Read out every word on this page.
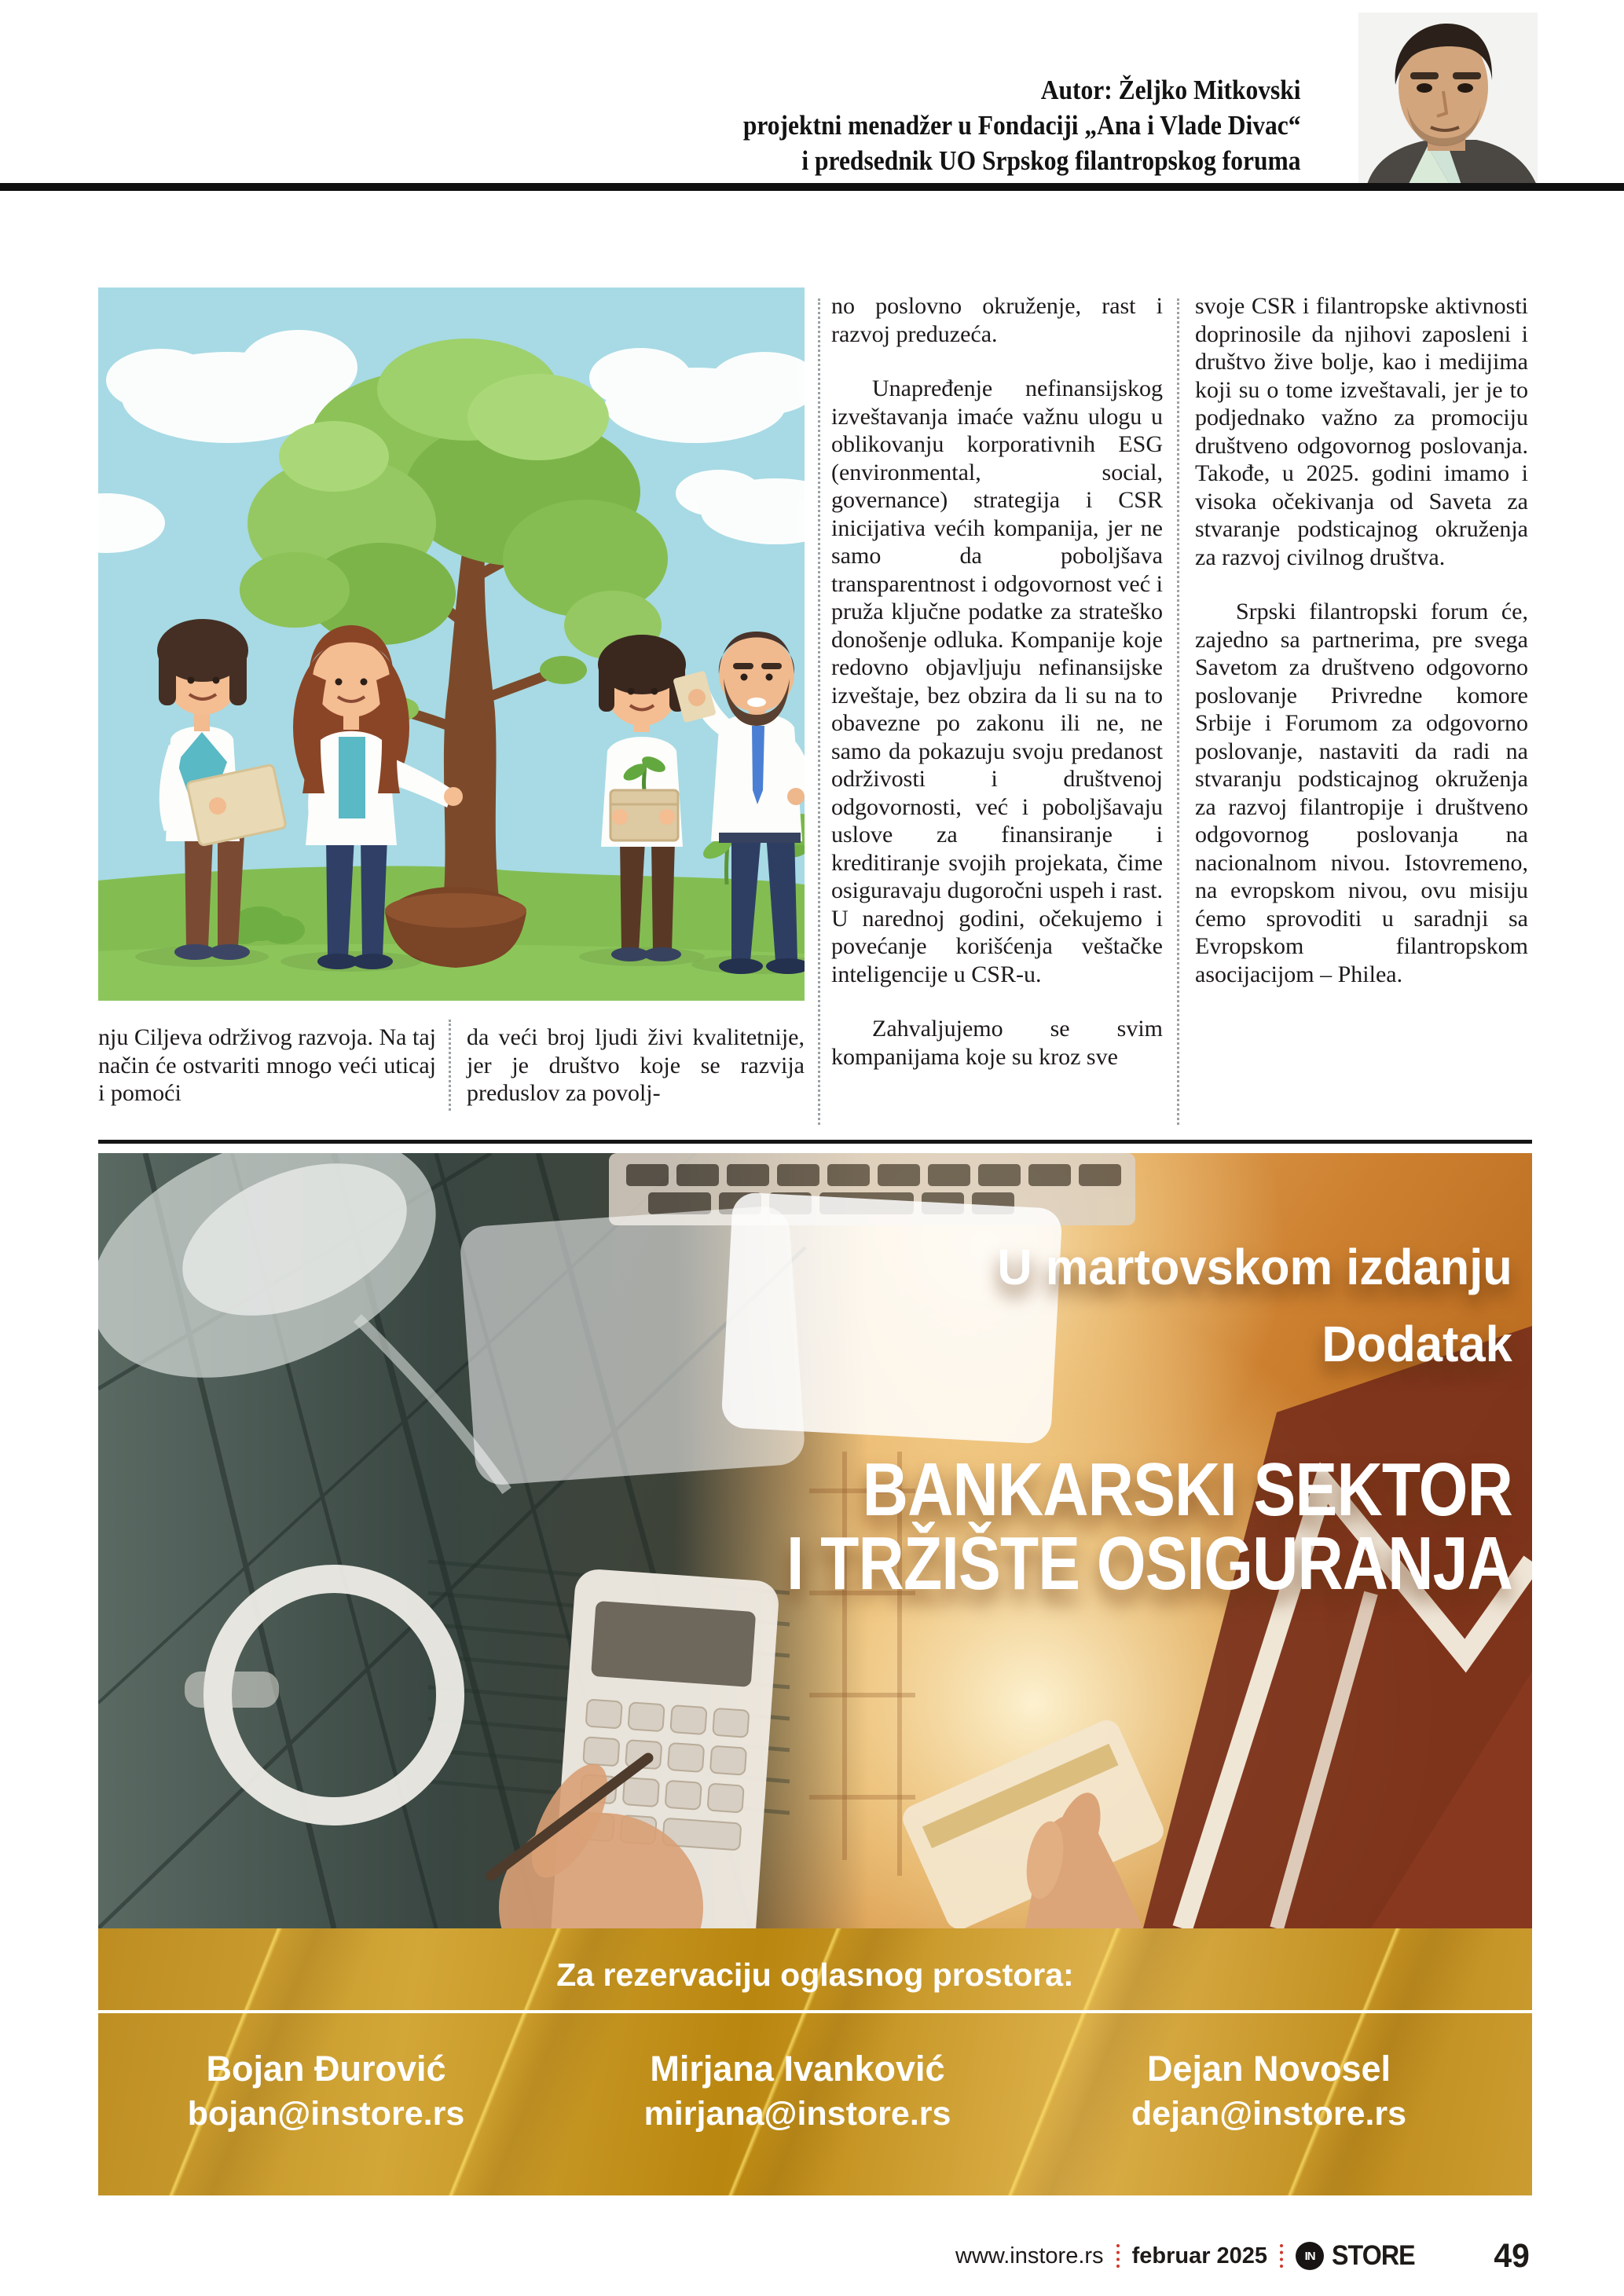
Autor: Željko Mitkovski
projektni menadžer u Fondaciji „Ana i Vlade Divac“
i predsednik UO Srpskog filantropskog foruma

nju Ciljeva održivog razvoja. Na taj način će ostvariti mnogo veći uticaj i pomoći

da veći broj ljudi živi kvalitetnije, jer je društvo koje se razvija preduslov za povolj-

no poslovno okruženje, rast i razvoj preduzeća.

Unapređenje nefinansijskog izveštavanja imaće važnu ulogu u oblikovanju korporativnih ESG (environmental, social, governance) strategija i CSR inicijativa većih kompanija, jer ne samo da poboljšava transparentnost i odgovornost već i pruža ključne podatke za strateško donošenje odluka. Kompanije koje redovno objavljuju nefinansijske izveštaje, bez obzira da li su na to obavezne po zakonu ili ne, ne samo da pokazuju svoju predanost održivosti i društvenoj odgovornosti, već i poboljšavaju uslove za finansiranje i kreditiranje svojih projekata, čime osiguravaju dugoročni uspeh i rast. U narednoj godini, očekujemo i povećanje korišćenja veštačke inteligencije u CSR-u.

Zahvaljujemo se svim kompanijama koje su kroz sve

svoje CSR i filantropske aktivnosti doprinosile da njihovi zaposleni i društvo žive bolje, kao i medijima koji su o tome izveštavali, jer je to podjednako važno za promociju društveno odgovornog poslovanja. Takođe, u 2025. godini imamo i visoka očekivanja od Saveta za stvaranje podsticajnog okruženja za razvoj civilnog društva.

Srpski filantropski forum će, zajedno sa partnerima, pre svega Savetom za društveno odgovorno poslovanje Privredne komore Srbije i Forumom za odgovorno poslovanje, nastaviti da radi na stvaranju podsticajnog okruženja za razvoj filantropije i društveno odgovornog poslovanja na nacionalnom nivou. Istovremeno, na evropskom nivou, ovu misiju ćemo sprovoditi u saradnji sa Evropskom filantropskom asocijacijom – Philea.

U martovskom izdanju
Dodatak
BANKARSKI SEKTOR
I TRŽIŠTE OSIGURANJA
Za rezervaciju oglasnog prostora:
Bojan Đurović
bojan@instore.rs
Mirjana Ivanković
mirjana@instore.rs
Dejan Novosel
dejan@instore.rs
www.instore.rs februar 2025	IN STORE 49
